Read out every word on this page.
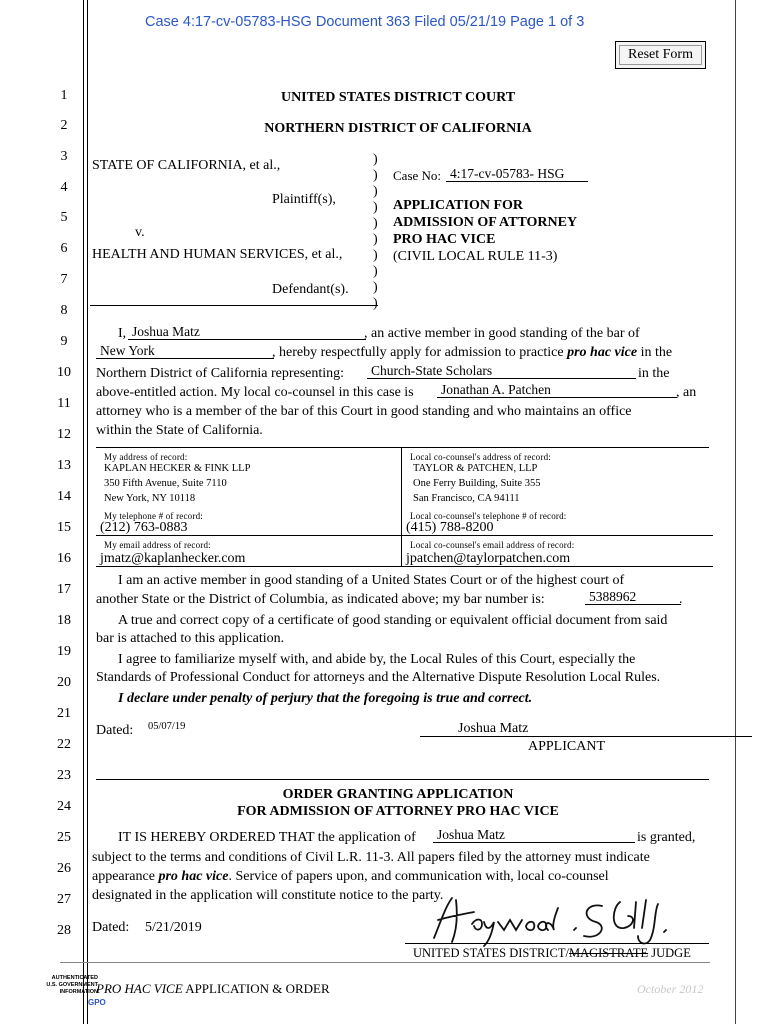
Case 4:17-cv-05783-HSG Document 363 Filed 05/21/19 Page 1 of 3
Reset Form
1
2
3
4
5
6
7
8
9
10
11
12
13
14
15
16
17
18
19
20
21
22
23
24
25
26
27
28
UNITED STATES DISTRICT COURT
NORTHERN DISTRICT OF CALIFORNIA
STATE OF CALIFORNIA, et al.,
Plaintiff(s),
v.
HEALTH AND HUMAN SERVICES, et al.,
Defendant(s).
)
)
)
)
)
)
)
)
)
)
Case No: 4:17-cv-05783- HSG
APPLICATION FOR
ADMISSION OF ATTORNEY
PRO HAC VICE
(CIVIL LOCAL RULE 11-3)
I, Joshua Matz	, an active member in good standing of the bar of
New York	, hereby respectfully apply for admission to practice pro hac vice in the
Northern District of California representing: Church-State Scholars	in the
above-entitled action. My local co-counsel in this case is Jonathan A. Patchen	, an
attorney who is a member of the bar of this Court in good standing and who maintains an office
within the State of California.
My address of record:
KAPLAN HECKER & FINK LLP
350 Fifth Avenue, Suite 7110
New York, NY 10118
Local co-counsel's address of record:
TAYLOR & PATCHEN, LLP
One Ferry Building, Suite 355
San Francisco, CA 94111
My telephone # of record:
(212) 763-0883
Local co-counsel's telephone # of record:
(415) 788-8200
My email address of record:
jmatz@kaplanhecker.com
Local co-counsel's email address of record:
jpatchen@taylorpatchen.com
I am an active member in good standing of a United States Court or of the highest court of
another State or the District of Columbia, as indicated above; my bar number is:	5388962	.
A true and correct copy of a certificate of good standing or equivalent official document from said
bar is attached to this application.
I agree to familiarize myself with, and abide by, the Local Rules of this Court, especially the
Standards of Professional Conduct for attorneys and the Alternative Dispute Resolution Local Rules.
I declare under penalty of perjury that the foregoing is true and correct.
Dated: 05/07/19	Joshua Matz
APPLICANT
ORDER GRANTING APPLICATION
FOR ADMISSION OF ATTORNEY PRO HAC VICE
IT IS HEREBY ORDERED THAT the application of Joshua Matz	is granted,
subject to the terms and conditions of Civil L.R. 11-3. All papers filed by the attorney must indicate
appearance pro hac vice. Service of papers upon, and communication with, local co-counsel
designated in the application will constitute notice to the party.
Dated: 5/21/2019
UNITED STATES DISTRICT/MAGISTRATE JUDGE
PRO HAC VICE APPLICATION & ORDER	October 2012
AUTHENTICATED U.S. GOVERNMENT INFORMATION
GPO
